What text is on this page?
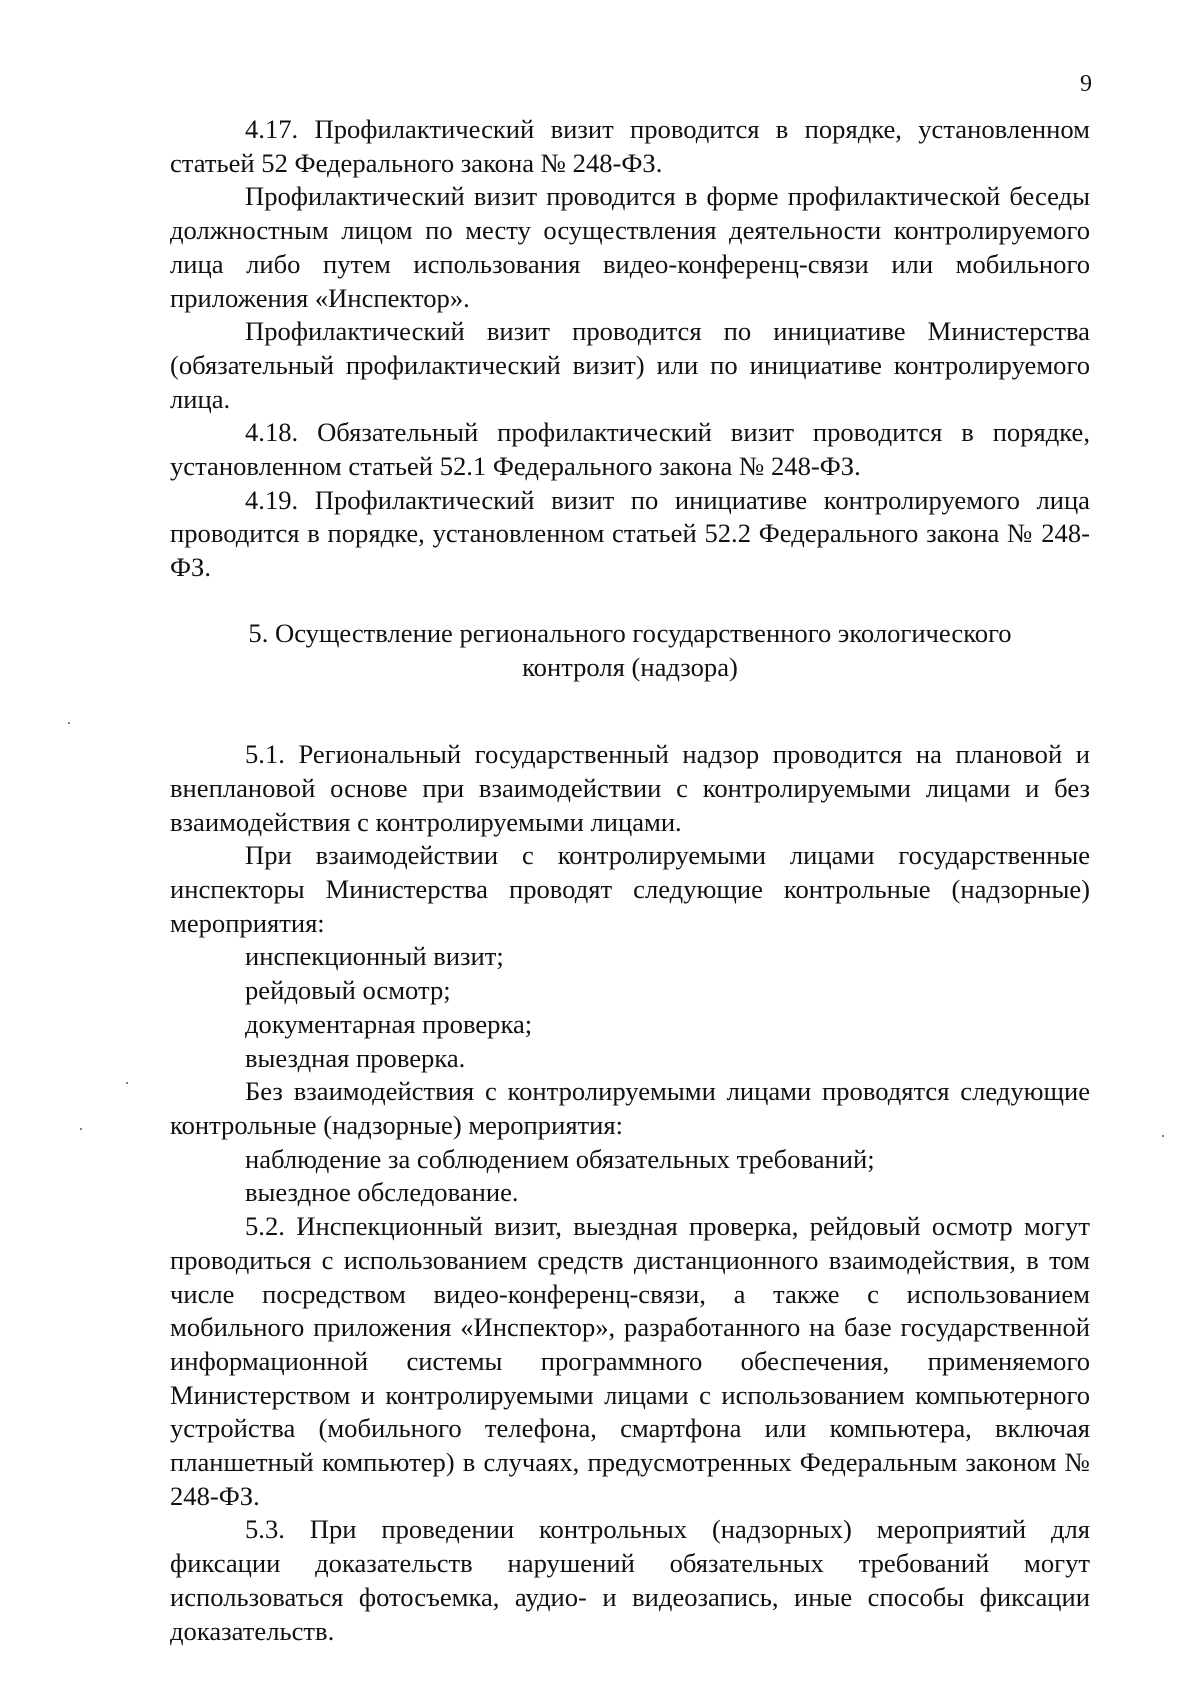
9

4.17. Профилактический визит проводится в порядке, установленном статьей 52 Федерального закона № 248-ФЗ.

Профилактический визит проводится в форме профилактической беседы должностным лицом по месту осуществления деятельности контролируемого лица либо путем использования видео-конференц-связи или мобильного приложения «Инспектор».

Профилактический визит проводится по инициативе Министерства (обязательный профилактический визит) или по инициативе контролируемого лица.

4.18. Обязательный профилактический визит проводится в порядке, установленном статьей 52.1 Федерального закона № 248-ФЗ.

4.19. Профилактический визит по инициативе контролируемого лица проводится в порядке, установленном статьей 52.2 Федерального закона № 248-ФЗ.

5. Осуществление регионального государственного экологического
контроля (надзора)

5.1. Региональный государственный надзор проводится на плановой и внеплановой основе при взаимодействии с контролируемыми лицами и без взаимодействия с контролируемыми лицами.

При взаимодействии с контролируемыми лицами государственные инспекторы Министерства проводят следующие контрольные (надзорные) мероприятия:

инспекционный визит;

рейдовый осмотр;

документарная проверка;

выездная проверка.

Без взаимодействия с контролируемыми лицами проводятся следующие контрольные (надзорные) мероприятия:

наблюдение за соблюдением обязательных требований;

выездное обследование.

5.2. Инспекционный визит, выездная проверка, рейдовый осмотр могут проводиться с использованием средств дистанционного взаимодействия, в том числе посредством видео-конференц-связи, а также с использованием мобильного приложения «Инспектор», разработанного на базе государственной информационной системы программного обеспечения, применяемого Министерством и контролируемыми лицами с использованием компьютерного устройства (мобильного телефона, смартфона или компьютера, включая планшетный компьютер) в случаях, предусмотренных Федеральным законом № 248-ФЗ.

5.3. При проведении контрольных (надзорных) мероприятий для фиксации доказательств нарушений обязательных требований могут использоваться фотосъемка, аудио- и видеозапись, иные способы фиксации доказательств.
